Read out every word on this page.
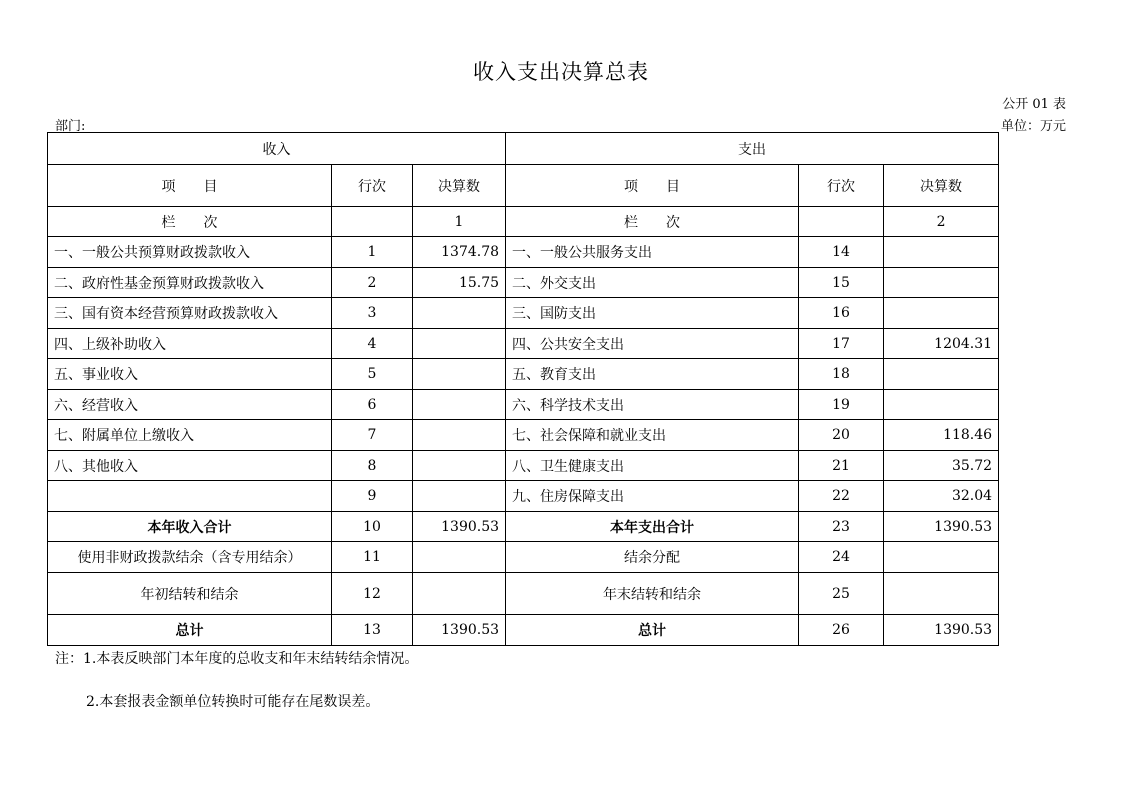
收入支出决算总表
公开 01 表
部门:	单位：万元
收入			支出		
项　　目	行次	决算数	项　　目	行次	决算数
栏　　次		1	栏　　次		2
一、一般公共预算财政拨款收入	1	1374.78	一、一般公共服务支出	14	
二、政府性基金预算财政拨款收入	2	15.75	二、外交支出	15	
三、国有资本经营预算财政拨款收入	3		三、国防支出	16	
四、上级补助收入	4		四、公共安全支出	17	1204.31
五、事业收入	5		五、教育支出	18	
六、经营收入	6		六、科学技术支出	19	
七、附属单位上缴收入	7		七、社会保障和就业支出	20	118.46
八、其他收入	8		八、卫生健康支出	21	35.72
	9		九、住房保障支出	22	32.04
本年收入合计	10	1390.53	本年支出合计	23	1390.53
使用非财政拨款结余（含专用结余）	11		结余分配	24	
年初结转和结余	12		年末结转和结余	25	
总计	13	1390.53	总计	26	1390.53
注：1.本表反映部门本年度的总收支和年末结转结余情况。
2.本套报表金额单位转换时可能存在尾数误差。
